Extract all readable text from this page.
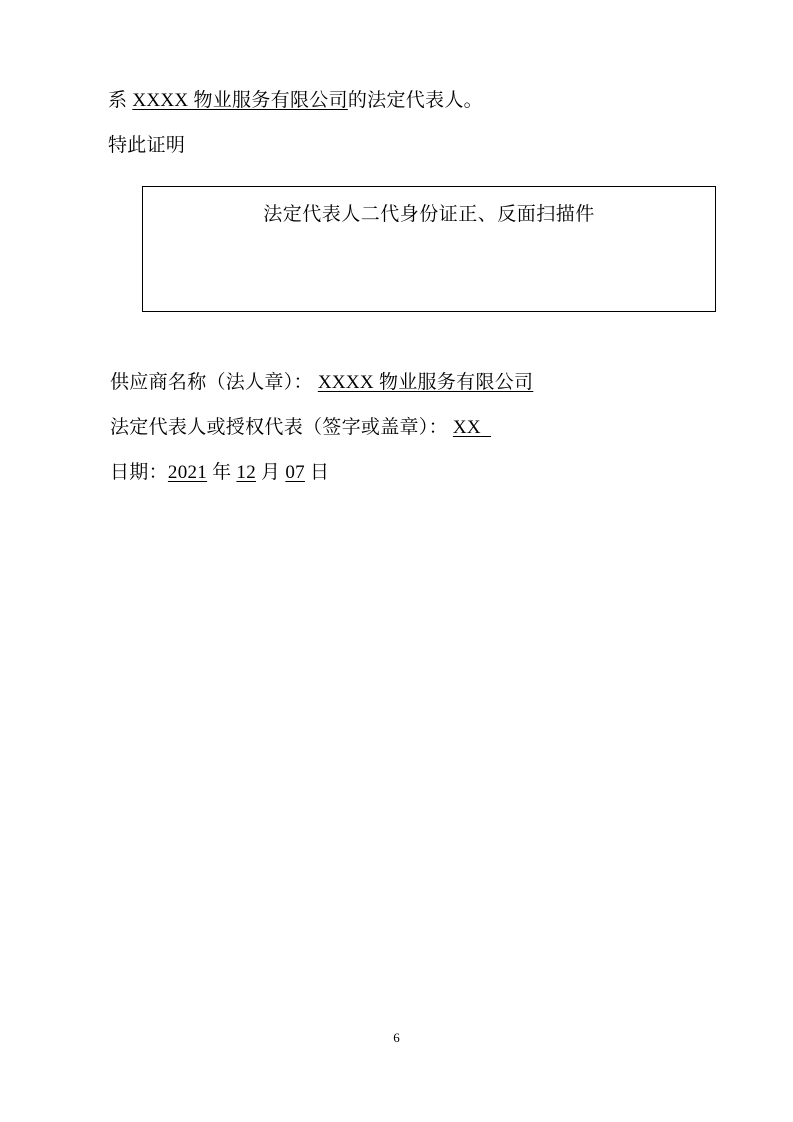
系 XXXX 物业服务有限公司的法定代表人。
特此证明
法定代表人二代身份证正、反面扫描件
供应商名称（法人章）： XXXX 物业服务有限公司
法定代表人或授权代表（签字或盖章）： XX
日期：2021 年 12 月 07 日
6
